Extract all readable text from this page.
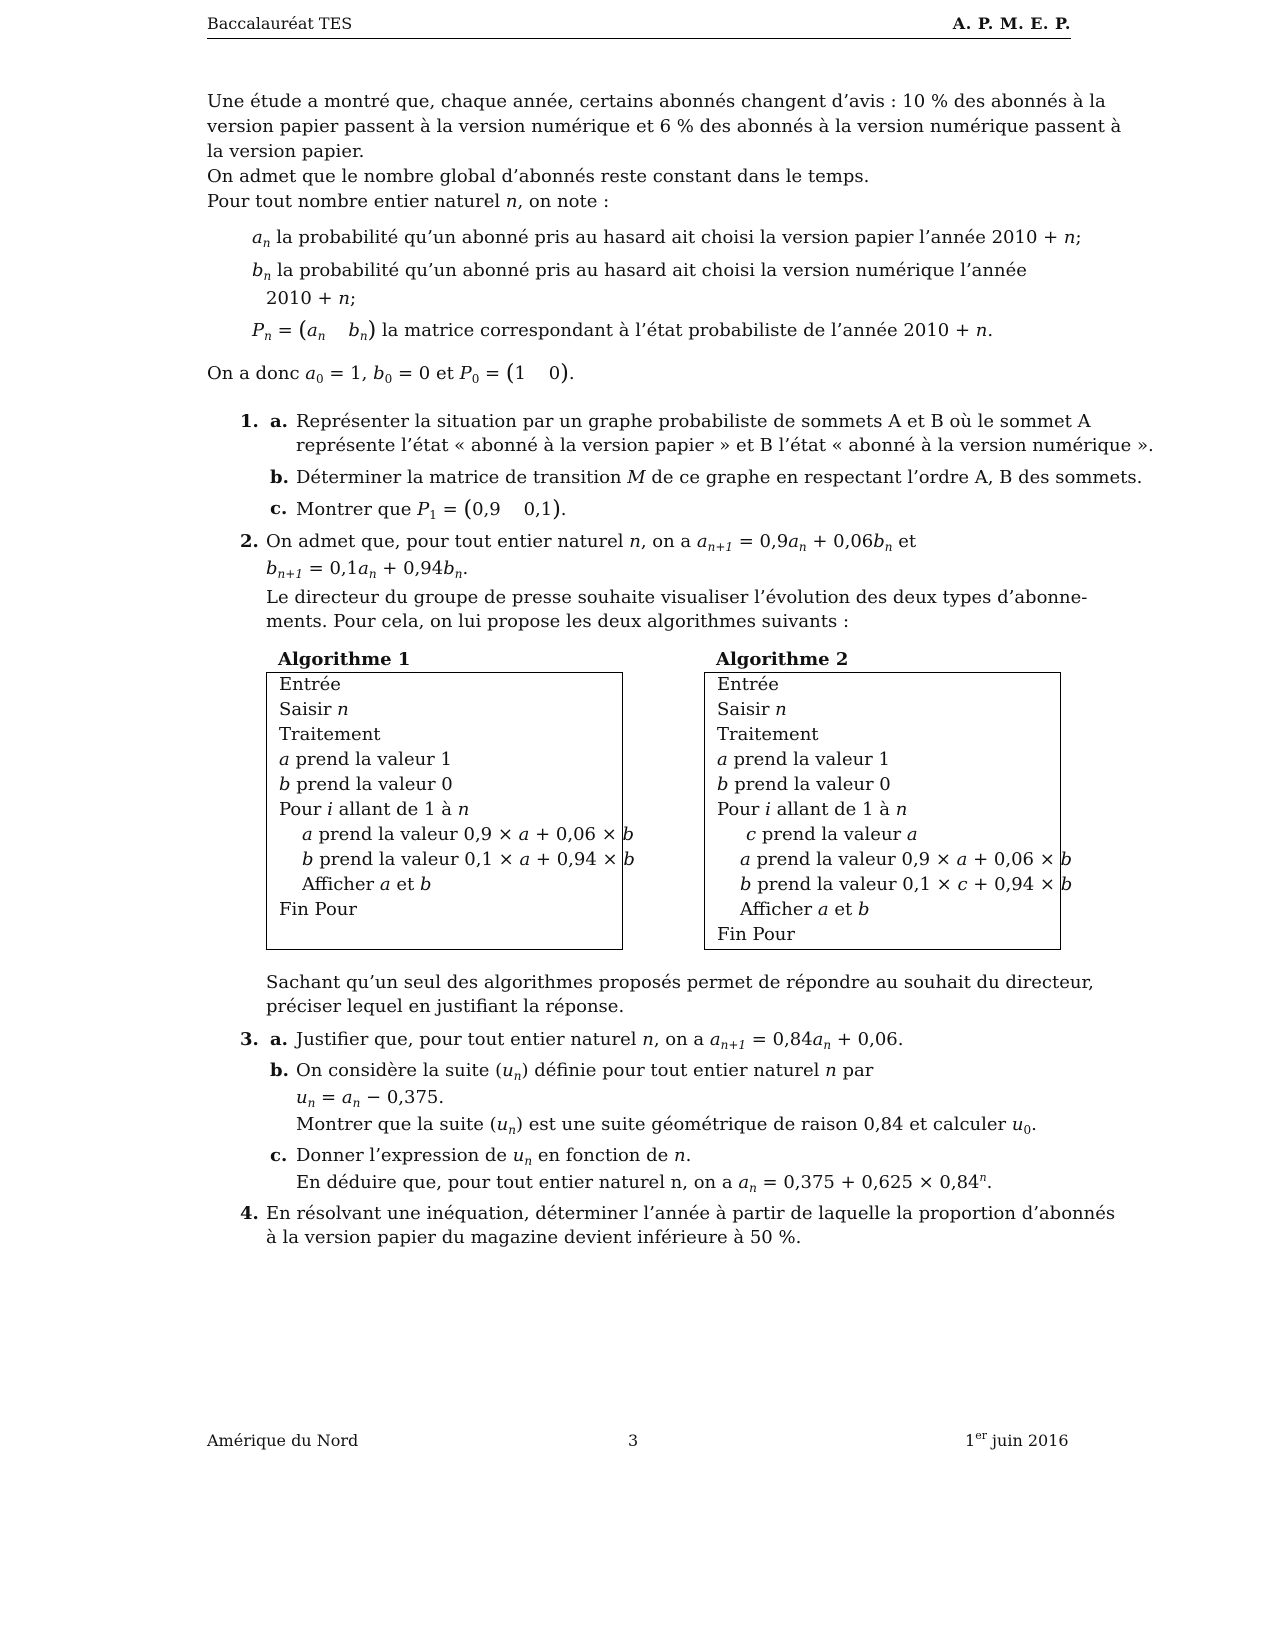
Baccalauréat TES	A. P. M. E. P.
Une étude a montré que, chaque année, certains abonnés changent d’avis : 10 % des abonnés à la
version papier passent à la version numérique et 6 % des abonnés à la version numérique passent à
la version papier.
On admet que le nombre global d’abonnés reste constant dans le temps.
Pour tout nombre entier naturel n, on note :
$a_n$ la probabilité qu’un abonné pris au hasard ait choisi la version papier l’année 2010 + n;
$b_n$ la probabilité qu’un abonné pris au hasard ait choisi la version numérique l’année
2010 + n;
$P_n = (a_n$ $b_n$) la matrice correspondant à l’état probabiliste de l’année 2010 + n.
On a donc $a_0 = 1$, $b_0 = 0$ et $P_0 = (1$    0).
1. a. Représenter la situation par un graphe probabiliste de sommets A et B où le sommet A
représente l’état « abonné à la version papier » et B l’état « abonné à la version numérique ».
b. Déterminer la matrice de transition M de ce graphe en respectant l’ordre A, B des sommets.
c. Montrer que $P_1 = (0,9$    0,1).
2. On admet que, pour tout entier naturel n, on a $a_{n+1} = 0,9a_n + 0,06b_n$ et
$b_{n+1} = 0,1a_n + 0,94b_n$.
Le directeur du groupe de presse souhaite visualiser l’évolution des deux types d’abonne-
ments. Pour cela, on lui propose les deux algorithmes suivants :
Algorithme 1
Entrée
Saisir n
Traitement
a prend la valeur 1
b prend la valeur 0
Pour i allant de 1 à n
a prend la valeur 0,9 × a + 0,06 × b
b prend la valeur 0,1 × a + 0,94 × b
Afficher a et b
Fin Pour
Algorithme 2
Entrée
Saisir n
Traitement
a prend la valeur 1
b prend la valeur 0
Pour i allant de 1 à n
c prend la valeur a
a prend la valeur 0,9 × a + 0,06 × b
b prend la valeur 0,1 × c + 0,94 × b
Afficher a et b
Fin Pour
Sachant qu’un seul des algorithmes proposés permet de répondre au souhait du directeur,
préciser lequel en justifiant la réponse.
3. a. Justifier que, pour tout entier naturel n, on a $a_{n+1} = 0,84a_n + 0,06$.
b. On considère la suite $(u_n)$ définie pour tout entier naturel n par
$u_n = a_n - 0,375$.
Montrer que la suite $(u_n)$ est une suite géométrique de raison 0,84 et calculer $u_0$.
c. Donner l’expression de $u_n$ en fonction de n.
En déduire que, pour tout entier naturel n, on a $a_n = 0,375 + 0,625 \times 0,84^n$.
4. En résolvant une inéquation, déterminer l’année à partir de laquelle la proportion d’abonnés
à la version papier du magazine devient inférieure à 50 %.
Amérique du Nord	3	1er juin 2016
